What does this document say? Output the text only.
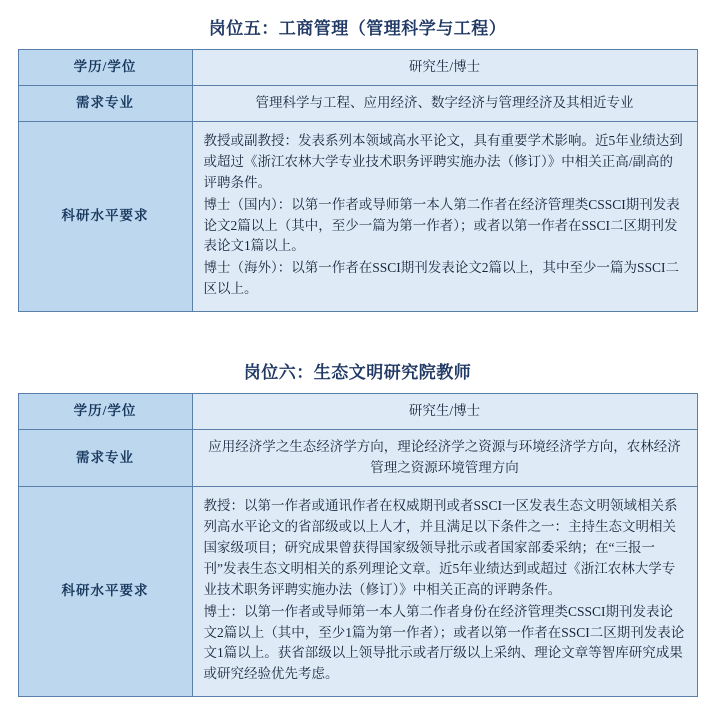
岗位五：工商管理（管理科学与工程）
学历/学位	研究生/博士
需求专业	管理科学与工程、应用经济、数字经济与管理经济及其相近专业
科研水平要求	教授或副教授：发表系列本领域高水平论文，具有重要学术影响。近5年业绩达到或超过《浙江农林大学专业技术职务评聘实施办法（修订）》中相关正高/副高的评聘条件。

博士（国内）：以第一作者或导师第一本人第二作者在经济管理类CSSCI期刊发表论文2篇以上（其中，至少一篇为第一作者）；或者以第一作者在SSCI二区期刊发表论文1篇以上。

博士（海外）：以第一作者在SSCI期刊发表论文2篇以上，其中至少一篇为SSCI二区以上。

岗位六：生态文明研究院教师
学历/学位	研究生/博士
需求专业	应用经济学之生态经济学方向，理论经济学之资源与环境经济学方向，农林经济管理之资源环境管理方向
科研水平要求	教授：以第一作者或通讯作者在权威期刊或者SSCI一区发表生态文明领域相关系列高水平论文的省部级或以上人才，并且满足以下条件之一：主持生态文明相关国家级项目；研究成果曾获得国家级领导批示或者国家部委采纳；在“三报一刊”发表生态文明相关的系列理论文章。近5年业绩达到或超过《浙江农林大学专业技术职务评聘实施办法（修订）》中相关正高的评聘条件。

博士：以第一作者或导师第一本人第二作者身份在经济管理类CSSCI期刊发表论文2篇以上（其中，至少1篇为第一作者）；或者以第一作者在SSCI二区期刊发表论文1篇以上。获省部级以上领导批示或者厅级以上采纳、理论文章等智库研究成果或研究经验优先考虑。
